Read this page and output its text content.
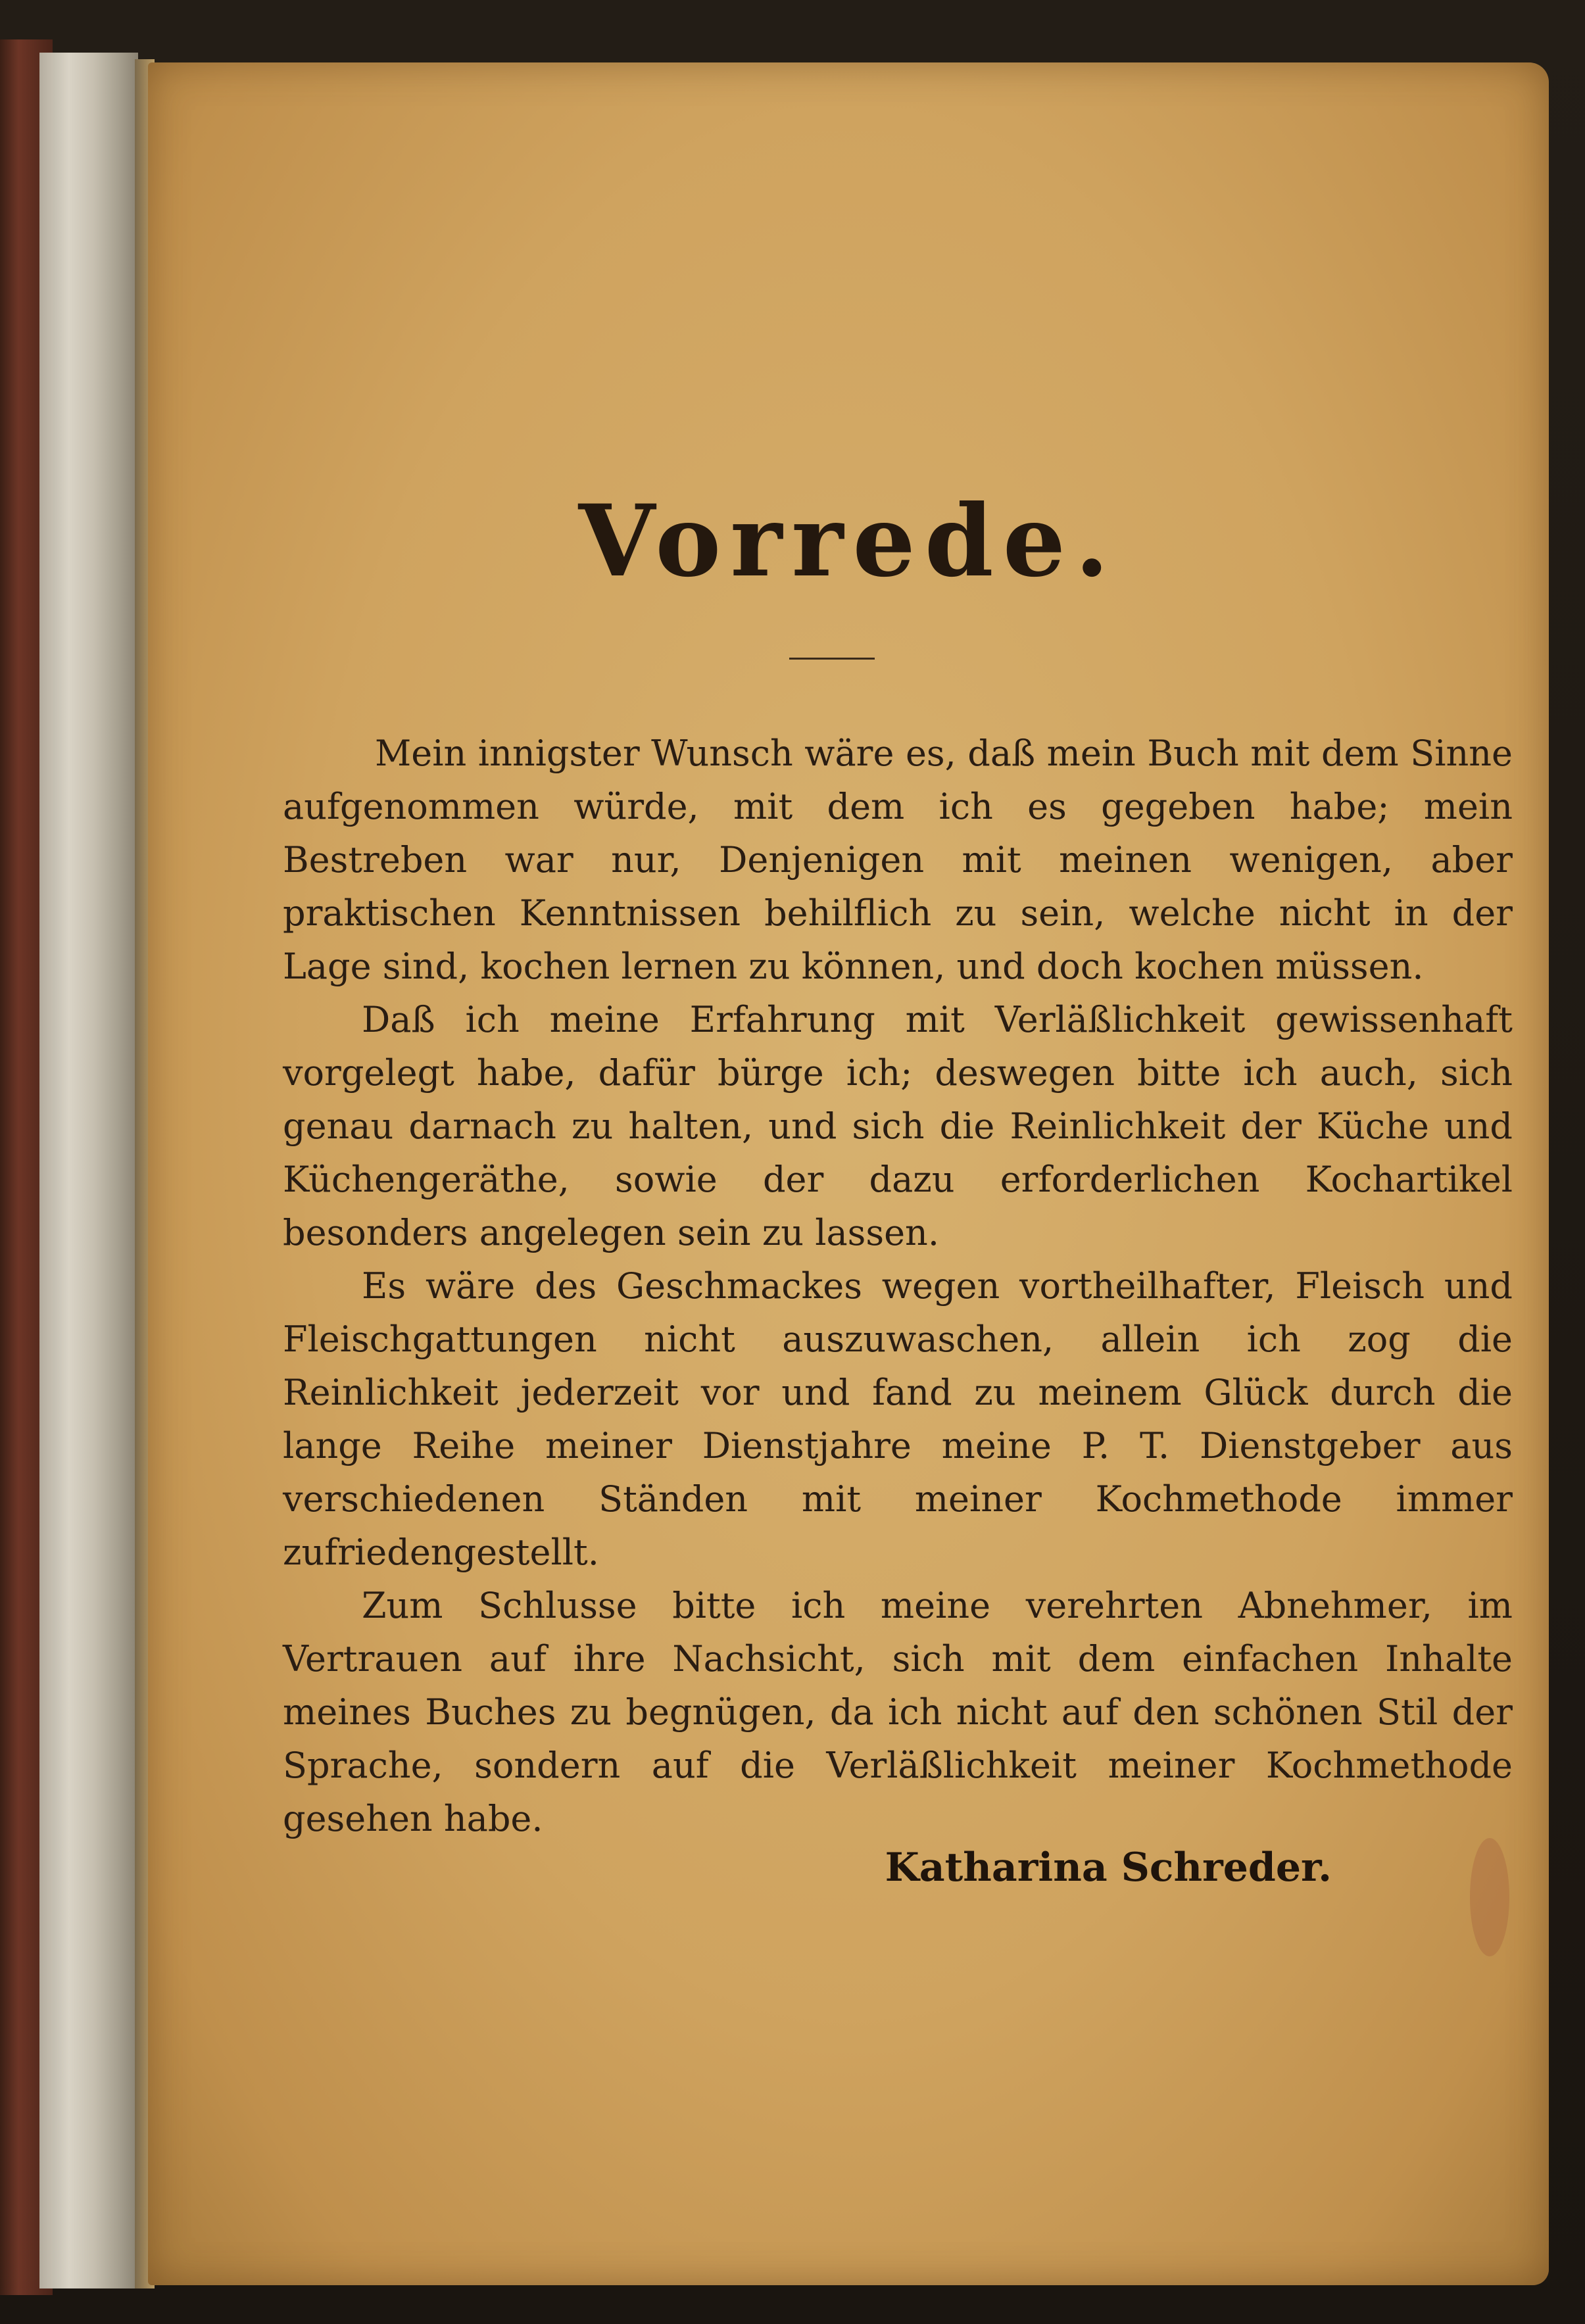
Vorrede.

Mein innigster Wunsch wäre es, daß mein Buch mit dem Sinne aufgenommen würde, mit dem ich es gegeben habe; mein Bestreben war nur, Denjenigen mit meinen wenigen, aber praktischen Kenntnissen behilflich zu sein, welche nicht in der Lage sind, kochen lernen zu können, und doch kochen müssen.

Daß ich meine Erfahrung mit Verläßlichkeit gewissenhaft vorgelegt habe, dafür bürge ich; deswegen bitte ich auch, sich genau darnach zu halten, und sich die Reinlichkeit der Küche und Küchengeräthe, sowie der dazu erforderlichen Kochartikel besonders angelegen sein zu lassen.

Es wäre des Geschmackes wegen vortheilhafter, Fleisch und Fleischgattungen nicht auszuwaschen, allein ich zog die Reinlichkeit jederzeit vor und fand zu meinem Glück durch die lange Reihe meiner Dienstjahre meine P. T. Dienstgeber aus verschiedenen Ständen mit meiner Kochmethode immer zufriedengestellt.

Zum Schlusse bitte ich meine verehrten Abnehmer, im Vertrauen auf ihre Nachsicht, sich mit dem einfachen Inhalte meines Buches zu begnügen, da ich nicht auf den schönen Stil der Sprache, sondern auf die Verläßlichkeit meiner Kochmethode gesehen habe.

Katharina Schreder.
